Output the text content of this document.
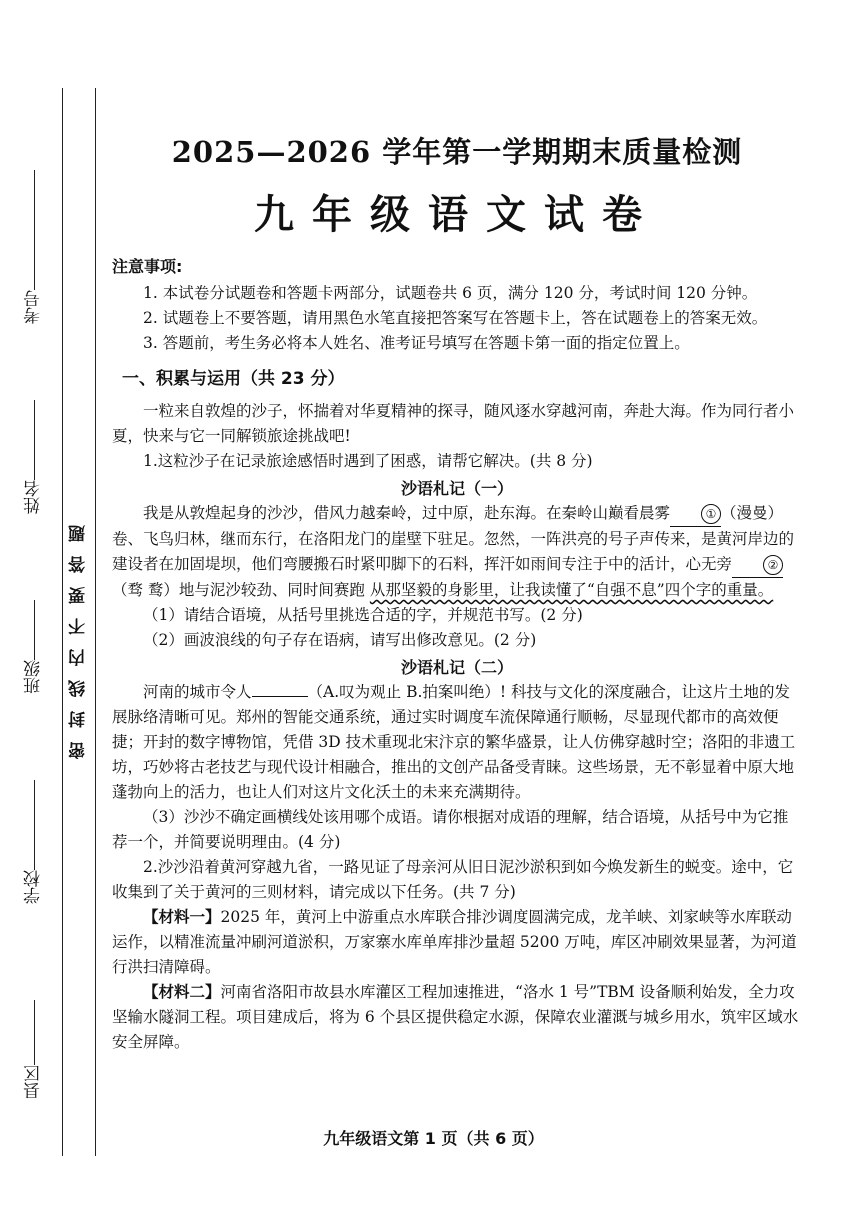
考号
姓名
班级
学校
县区
密封线内不要答题
2025—2026 学年第一学期期末质量检测
九年级语文试卷
注意事项:

1. 本试卷分试题卷和答题卡两部分，试题卷共 6 页，满分 120 分，考试时间 120 分钟。

2. 试题卷上不要答题，请用黑色水笔直接把答案写在答题卡上，答在试题卷上的答案无效。

3. 答题前，考生务必将本人姓名、准考证号填写在答题卡第一面的指定位置上。

一、积累与运用（共 23 分）

一粒来自敦煌的沙子，怀揣着对华夏精神的探寻，随风逐水穿越河南，奔赴大海。作为同行者小夏，快来与它一同解锁旅途挑战吧!

1.这粒沙子在记录旅途感悟时遇到了困惑，请帮它解决。(共 8 分)

沙语札记（一）

我是从敦煌起身的沙沙，借风力越秦岭，过中原，赴东海。在秦岭山巅看晨雾	① （漫曼）卷、飞鸟归林，继而东行，在洛阳龙门的崖壁下驻足。忽然，一阵洪亮的号子声传来，是黄河岸边的建设者在加固堤坝，他们弯腰搬石时紧叩脚下的石料，挥汗如雨间专注于中的活计，心无旁	②（骛 鹜）地与泥沙较劲、同时间赛跑 从那坚毅的身影里，让我读懂了“自强不息”四个字的重量。

（1）请结合语境，从括号里挑选合适的字，并规范书写。(2 分)

（2）画波浪线的句子存在语病，请写出修改意见。(2 分)

沙语札记（二）

河南的城市令人	（A.叹为观止 B.拍案叫绝）! 科技与文化的深度融合，让这片土地的发展脉络清晰可见。郑州的智能交通系统，通过实时调度车流保障通行顺畅，尽显现代都市的高效便捷；开封的数字博物馆，凭借 3D 技术重现北宋汴京的繁华盛景，让人仿佛穿越时空；洛阳的非遗工坊，巧妙将古老技艺与现代设计相融合，推出的文创产品备受青睐。这些场景，无不彰显着中原大地蓬勃向上的活力，也让人们对这片文化沃土的未来充满期待。

（3）沙沙不确定画横线处该用哪个成语。请你根据对成语的理解，结合语境，从括号中为它推荐一个，并简要说明理由。(4 分)

2.沙沙沿着黄河穿越九省，一路见证了母亲河从旧日泥沙淤积到如今焕发新生的蜕变。途中，它收集到了关于黄河的三则材料，请完成以下任务。(共 7 分)

【材料一】2025 年，黄河上中游重点水库联合排沙调度圆满完成，龙羊峡、刘家峡等水库联动运作，以精准流量冲刷河道淤积，万家寨水库单库排沙量超 5200 万吨，库区冲刷效果显著，为河道行洪扫清障碍。

【材料二】河南省洛阳市故县水库灌区工程加速推进，“洛水 1 号”TBM 设备顺利始发，全力攻坚输水隧洞工程。项目建成后，将为 6 个县区提供稳定水源，保障农业灌溉与城乡用水，筑牢区域水安全屏障。

九年级语文第 1 页（共 6 页）
